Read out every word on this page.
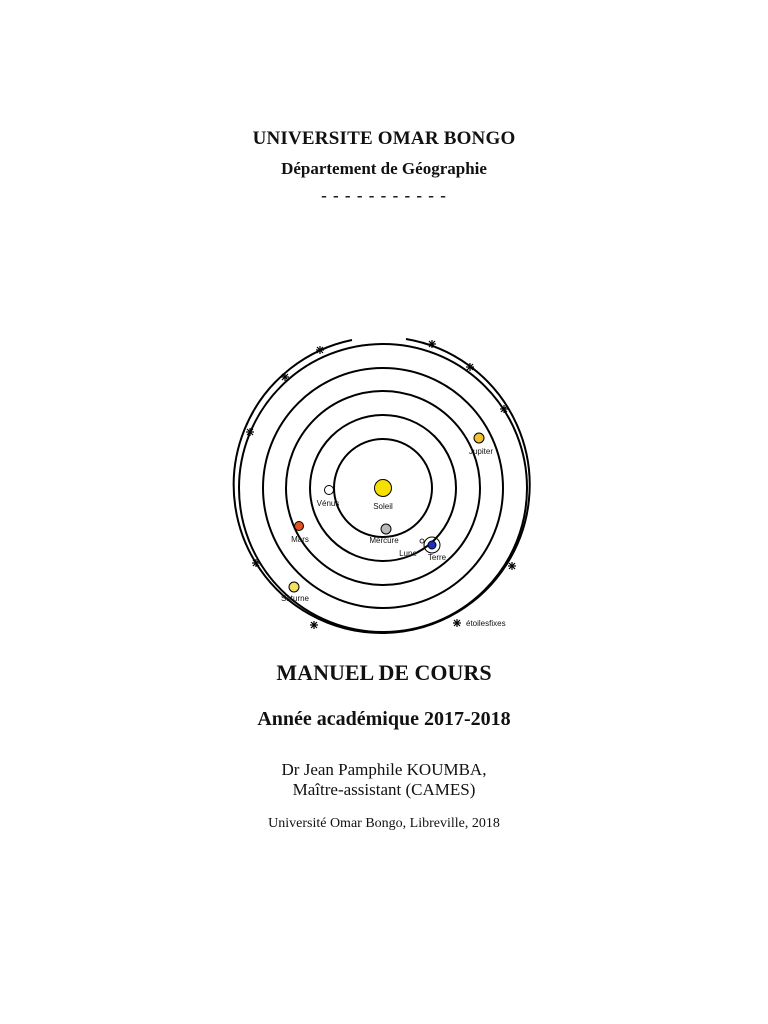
UNIVERSITE OMAR BONGO
Département de Géographie
- - - - - - - - - - -
Soleil
Mercure
Vénus
Lune Terre
Mars
Jupiter
Saturne
étoilesfixes
MANUEL DE COURS
Année académique 2017-2018
Dr Jean Pamphile KOUMBA,
Maître-assistant (CAMES)
Université Omar Bongo, Libreville, 2018
